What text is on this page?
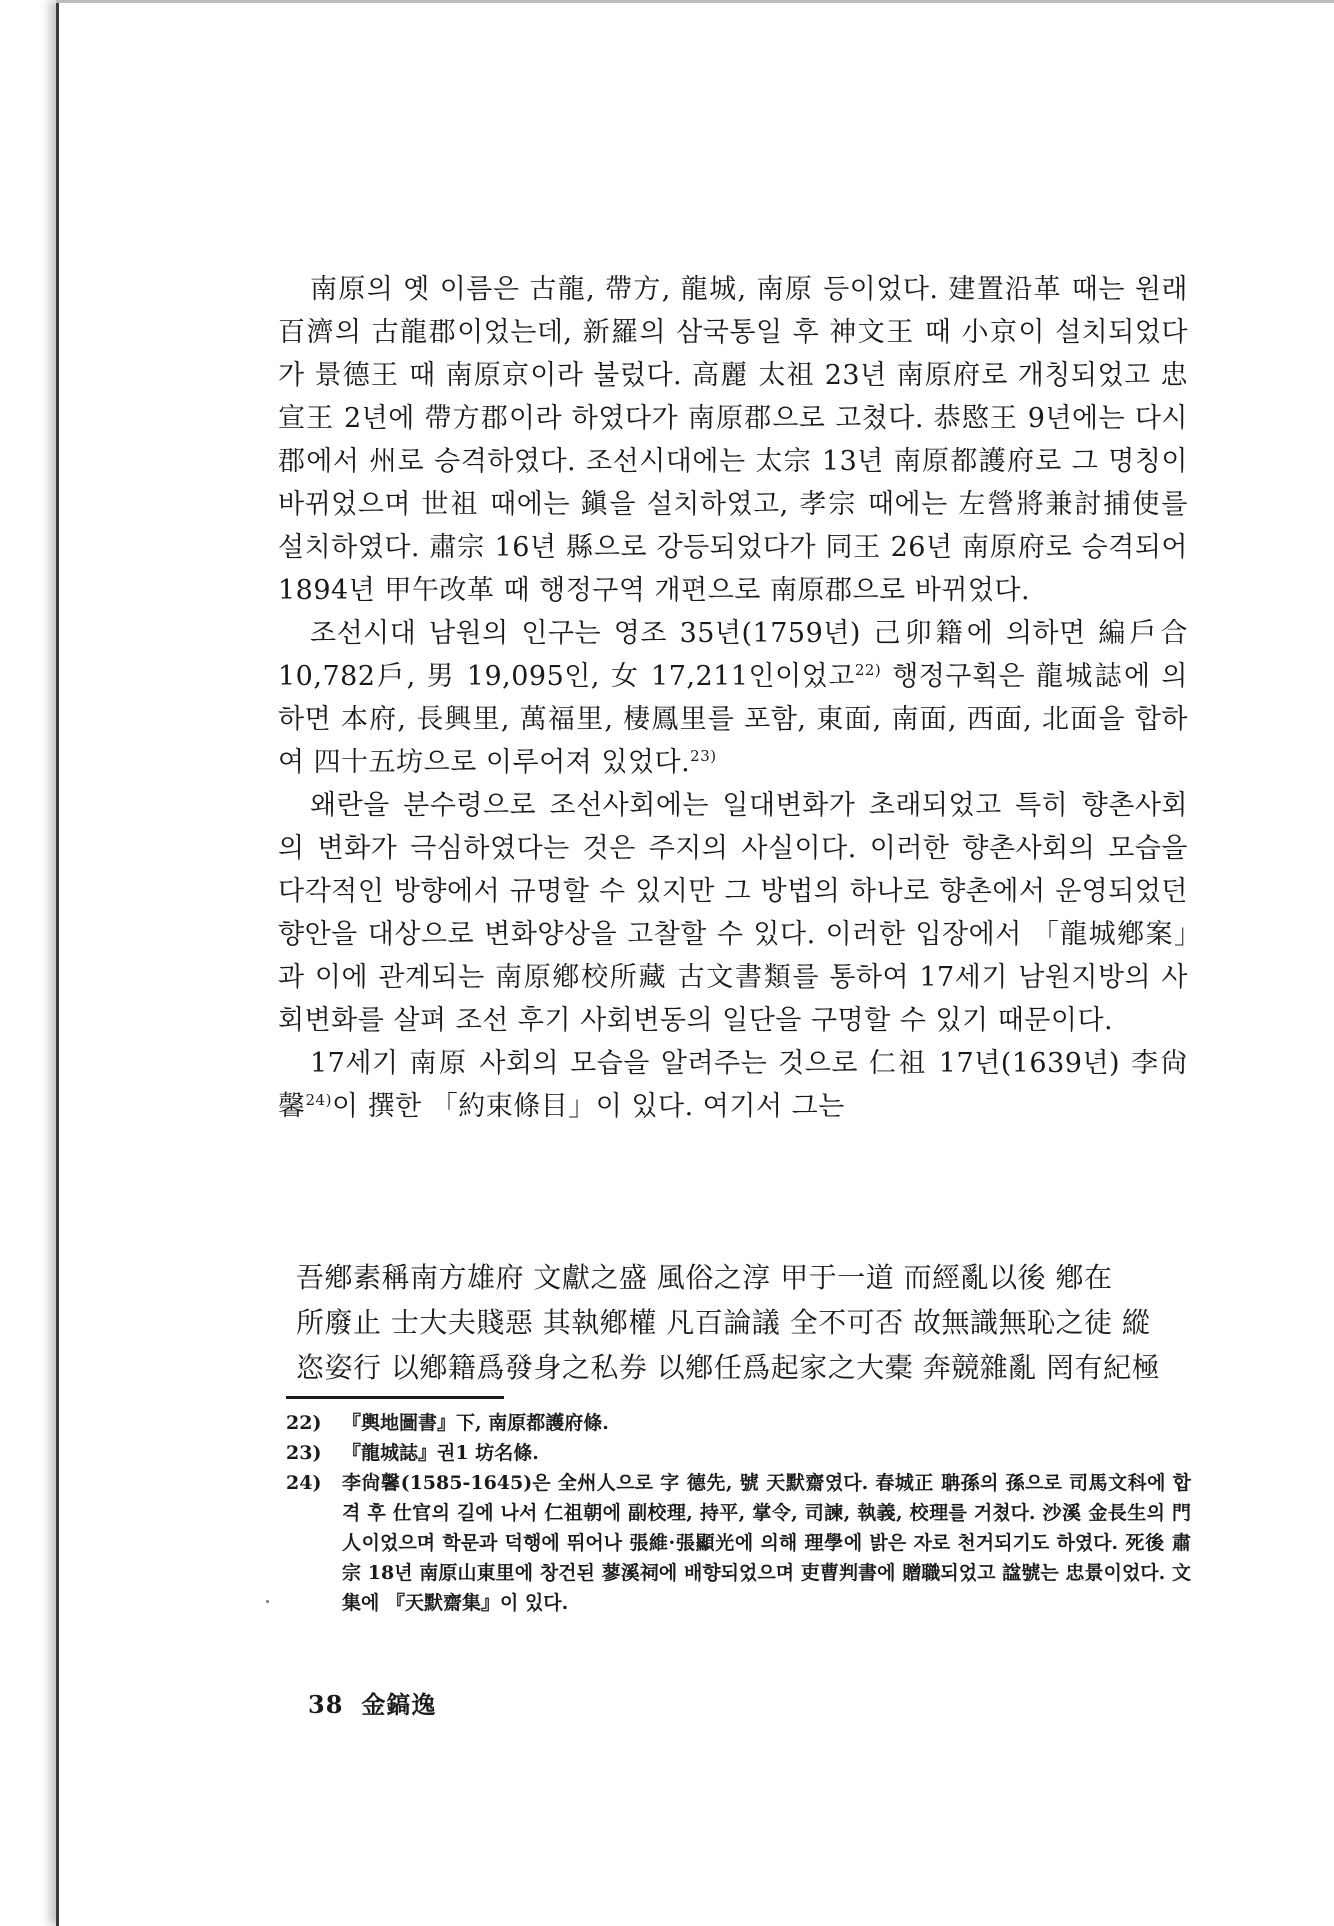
南原의 옛 이름은 古龍, 帶方, 龍城, 南原 등이었다. 建置沿革 때는 원래 百濟의 古龍郡이었는데, 新羅의 삼국통일 후 神文王 때 小京이 설치되었다가 景德王 때 南原京이라 불렀다. 高麗 太祖 23년 南原府로 개칭되었고 忠宣王 2년에 帶方郡이라 하였다가 南原郡으로 고쳤다. 恭愍王 9년에는 다시 郡에서 州로 승격하였다. 조선시대에는 太宗 13년 南原都護府로 그 명칭이 바뀌었으며 世祖 때에는 鎭을 설치하였고, 孝宗 때에는 左營將兼討捕使를 설치하였다. 肅宗 16년 縣으로 강등되었다가 同王 26년 南原府로 승격되어 1894년 甲午改革 때 행정구역 개편으로 南原郡으로 바뀌었다.

조선시대 남원의 인구는 영조 35년(1759년) 己卯籍에 의하면 編戶合 10,782戶, 男 19,095인, 女 17,211인이었고$^{22)}$ 행정구획은 龍城誌에 의하면 本府, 長興里, 萬福里, 棲鳳里를 포함, 東面, 南面, 西面, 北面을 합하여 四十五坊으로 이루어져 있었다.$^{23)}$

왜란을 분수령으로 조선사회에는 일대변화가 초래되었고 특히 향촌사회의 변화가 극심하였다는 것은 주지의 사실이다. 이러한 향촌사회의 모습을 다각적인 방향에서 규명할 수 있지만 그 방법의 하나로 향촌에서 운영되었던 향안을 대상으로 변화양상을 고찰할 수 있다. 이러한 입장에서 「龍城鄕案」과 이에 관계되는 南原鄕校所藏 古文書類를 통하여 17세기 남원지방의 사회변화를 살펴 조선 후기 사회변동의 일단을 구명할 수 있기 때문이다.

17세기 南原 사회의 모습을 알려주는 것으로 仁祖 17년(1639년) 李尙馨$^{24)}$이 撰한 「約束條目」이 있다. 여기서 그는

吾鄕素稱南方雄府 文獻之盛 風俗之淳 甲于一道 而經亂以後 鄕在
所廢止 士大夫賤惡 其執鄕權 凡百論議 全不可否 故無識無恥之徒 縱
恣姿行 以鄕籍爲發身之私券 以鄕任爲起家之大橐 奔競雜亂 罔有紀極
22)	『輿地圖書』下, 南原都護府條.
23)	『龍城誌』권1 坊名條.
24)	李尙馨(1585-1645)은 全州人으로 字 德先, 號 天默齋였다. 春城正 聃孫의 孫으로 司馬文科에 합격 후 仕官의 길에 나서 仁祖朝에 副校理, 持平, 掌令, 司諫, 執義, 校理를 거쳤다. 沙溪 金長生의 門人이었으며 학문과 덕행에 뛰어나 張維·張顯光에 의해 理學에 밝은 자로 천거되기도 하였다. 死後 肅宗 18년 南原山東里에 창건된 蓼溪祠에 배향되었으며 吏曹判書에 贈職되었고 諡號는 忠景이었다. 文集에 『天默齋集』이 있다.
38 金鎬逸
